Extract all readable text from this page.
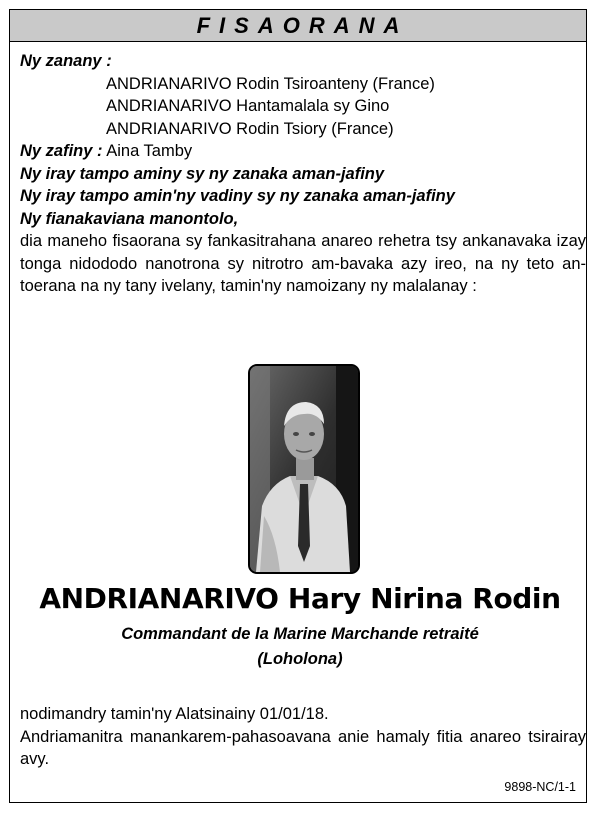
FISAORANA
Ny zanany :
ANDRIANARIVO Rodin Tsiroanteny (France)
ANDRIANARIVO Hantamalala sy Gino
ANDRIANARIVO Rodin Tsiory (France)
Ny zafiny : Aina Tamby
Ny iray tampo aminy sy ny zanaka aman-jafiny
Ny iray tampo amin'ny vadiny sy ny zanaka aman-jafiny
Ny fianakaviana manontolo,
dia maneho fisaorana sy fankasitrahana anareo rehetra tsy ankanavaka izay tonga nidododo nanotrona sy nitrotro am-bavaka azy ireo, na ny teto an-toerana na ny tany ivelany, tamin'ny namoizany ny malalanay :
ANDRIANARIVO Hary Nirina Rodin
Commandant de la Marine Marchande retraité
(Loholona)
nodimandry tamin'ny Alatsinainy 01/01/18.
Andriamanitra manankarem-pahasoavana anie hamaly fitia anareo tsirairay avy.
9898-NC/1-1
